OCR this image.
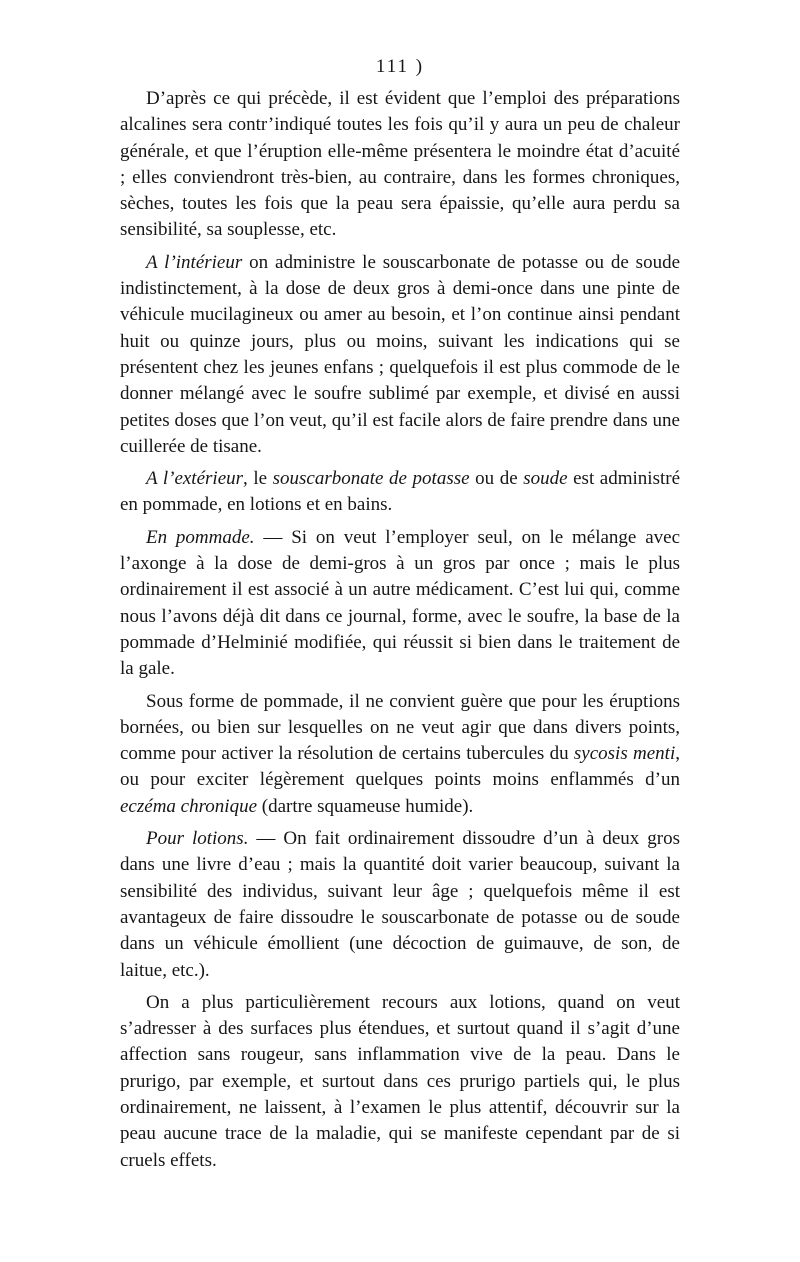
111 )

D’après ce qui précède, il est évident que l’emploi des préparations alcalines sera contr’indiqué toutes les fois qu’il y aura un peu de chaleur générale, et que l’éruption elle-même présentera le moindre état d’acuité ; elles conviendront très-bien, au contraire, dans les formes chroniques, sèches, toutes les fois que la peau sera épaissie, qu’elle aura perdu sa sensibilité, sa souplesse, etc.

A l’intérieur on administre le souscarbonate de potasse ou de soude indistinctement, à la dose de deux gros à demi-once dans une pinte de véhicule mucilagineux ou amer au besoin, et l’on continue ainsi pendant huit ou quinze jours, plus ou moins, suivant les indications qui se présentent chez les jeunes enfans ; quelquefois il est plus commode de le donner mélangé avec le soufre sublimé par exemple, et divisé en aussi petites doses que l’on veut, qu’il est facile alors de faire prendre dans une cuillerée de tisane.

A l’extérieur, le souscarbonate de potasse ou de soude est administré en pommade, en lotions et en bains.

En pommade. — Si on veut l’employer seul, on le mélange avec l’axonge à la dose de demi-gros à un gros par once ; mais le plus ordinairement il est associé à un autre médicament. C’est lui qui, comme nous l’avons déjà dit dans ce journal, forme, avec le soufre, la base de la pommade d’Helminié modifiée, qui réussit si bien dans le traitement de la gale.

Sous forme de pommade, il ne convient guère que pour les éruptions bornées, ou bien sur lesquelles on ne veut agir que dans divers points, comme pour activer la résolution de certains tubercules du sycosis menti, ou pour exciter légèrement quelques points moins enflammés d’un eczéma chronique (dartre squameuse humide).

Pour lotions. — On fait ordinairement dissoudre d’un à deux gros dans une livre d’eau ; mais la quantité doit varier beaucoup, suivant la sensibilité des individus, suivant leur âge ; quelquefois même il est avantageux de faire dissoudre le souscarbonate de potasse ou de soude dans un véhicule émollient (une décoction de guimauve, de son, de laitue, etc.).

On a plus particulièrement recours aux lotions, quand on veut s’adresser à des surfaces plus étendues, et surtout quand il s’agit d’une affection sans rougeur, sans inflammation vive de la peau. Dans le prurigo, par exemple, et surtout dans ces prurigo partiels qui, le plus ordinairement, ne laissent, à l’examen le plus attentif, découvrir sur la peau aucune trace de la maladie, qui se manifeste cependant par de si cruels effets.
